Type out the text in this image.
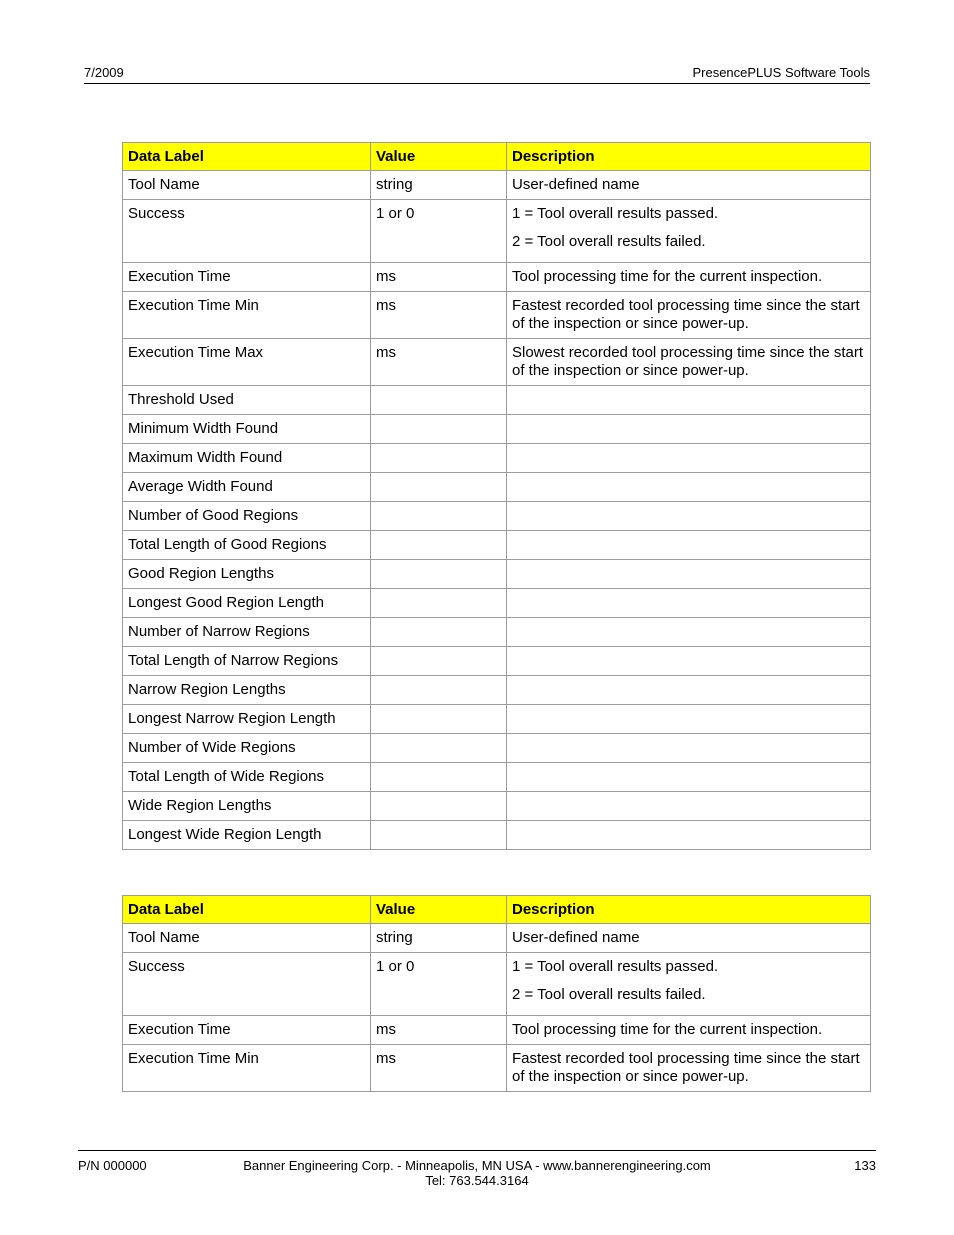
7/2009	PresencePLUS Software Tools
Data Label	Value	Description
Tool Name	string	User-defined name
Success	1 or 0	1 = Tool overall results passed.
2 = Tool overall results failed.

Execution Time	ms	Tool processing time for the current inspection.
Execution Time Min	ms	Fastest recorded tool processing time since the start of the inspection or since power-up.
Execution Time Max	ms	Slowest recorded tool processing time since the start of the inspection or since power-up.
Threshold Used		
Minimum Width Found		
Maximum Width Found		
Average Width Found		
Number of Good Regions		
Total Length of Good Regions		
Good Region Lengths		
Longest Good Region Length		
Number of Narrow Regions		
Total Length of Narrow Regions		
Narrow Region Lengths		
Longest Narrow Region Length		
Number of Wide Regions		
Total Length of Wide Regions		
Wide Region Lengths		
Longest Wide Region Length		
Data Label	Value	Description
Tool Name	string	User-defined name
Success	1 or 0	1 = Tool overall results passed.
2 = Tool overall results failed.

Execution Time	ms	Tool processing time for the current inspection.
Execution Time Min	ms	Fastest recorded tool processing time since the start of the inspection or since power-up.
P/N 000000	Banner Engineering Corp. - Minneapolis, MN USA - www.bannerengineering.com
Tel: 763.544.3164
133
